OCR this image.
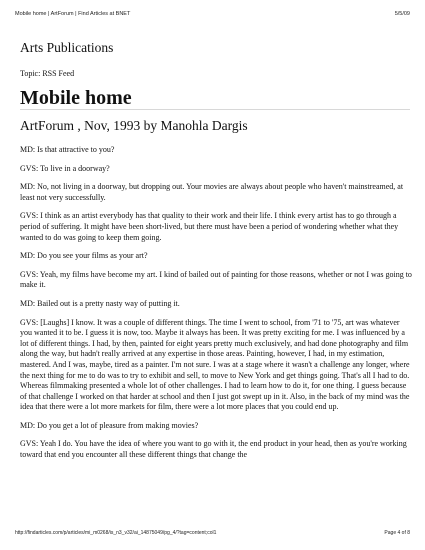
Mobile home | ArtForum | Find Articles at BNET	5/5/09
Arts Publications
Topic: RSS Feed
Mobile home
ArtForum , Nov, 1993 by Manohla Dargis

MD: Is that attractive to you?

GVS: To live in a doorway?

MD: No, not living in a doorway, but dropping out. Your movies are always about people who haven't mainstreamed, at least not very successfully.

GVS: I think as an artist everybody has that quality to their work and their life. I think every artist has to go through a period of suffering. It might have been short-lived, but there must have been a period of wondering whether what they wanted to do was going to keep them going.

MD: Do you see your films as your art?

GVS: Yeah, my films have become my art. I kind of bailed out of painting for those reasons, whether or not I was going to make it.

MD: Bailed out is a pretty nasty way of putting it.

GVS: [Laughs] I know. It was a couple of different things. The time I went to school, from '71 to '75, art was whatever you wanted it to be. I guess it is now, too. Maybe it always has been. It was pretty exciting for me. I was influenced by a lot of different things. I had, by then, painted for eight years pretty much exclusively, and had done photography and film along the way, but hadn't really arrived at any expertise in those areas. Painting, however, I had, in my estimation, mastered. And I was, maybe, tired as a painter. I'm not sure. I was at a stage where it wasn't a challenge any longer, where the next thing for me to do was to try to exhibit and sell, to move to New York and get things going. That's all I had to do. Whereas filmmaking presented a whole lot of other challenges. I had to learn how to do it, for one thing. I guess because of that challenge I worked on that harder at school and then I just got swept up in it. Also, in the back of my mind was the idea that there were a lot more markets for film, there were a lot more places that you could end up.

MD: Do you get a lot of pleasure from making movies?

GVS: Yeah I do. You have the idea of where you want to go with it, the end product in your head, then as you're working toward that end you encounter all these different things that change the

http://findarticles.com/p/articles/mi_m0268/is_n3_v32/ai_14875049/pg_4/?tag=content;col1	Page 4 of 8
